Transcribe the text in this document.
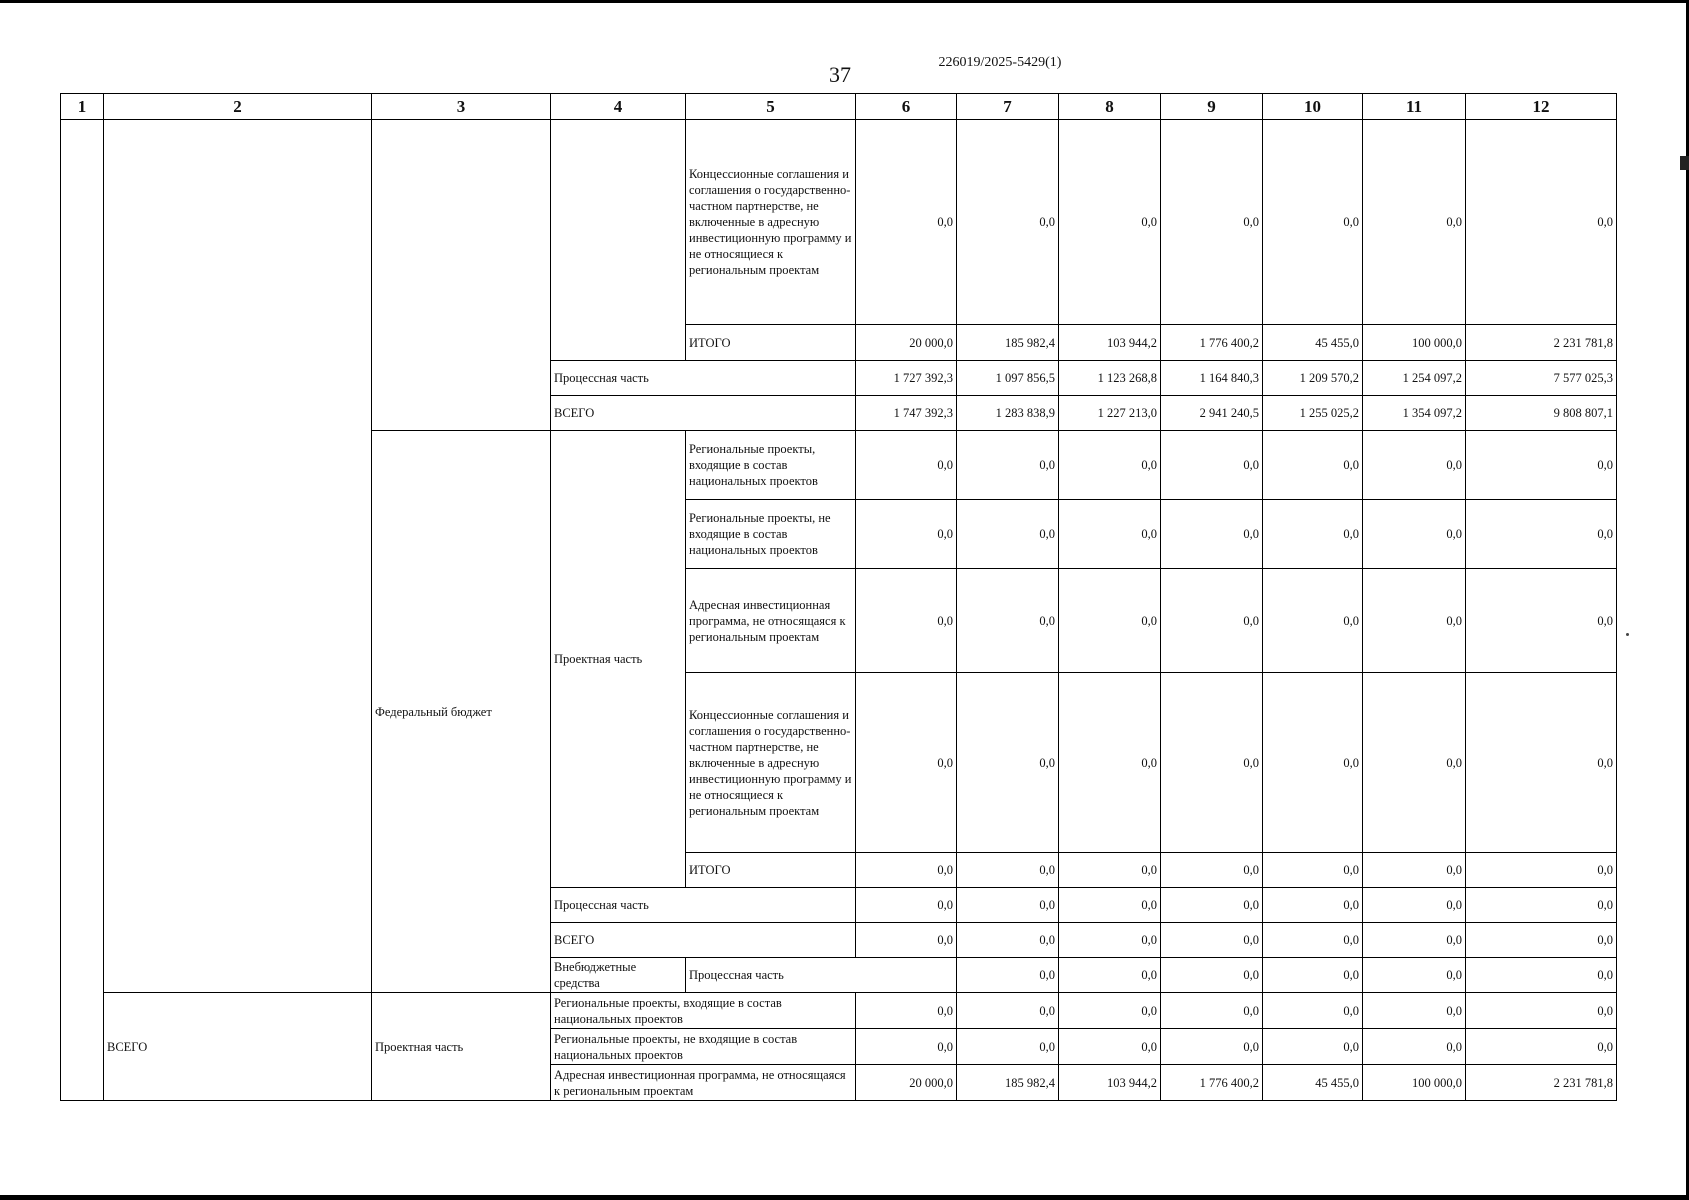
37	226019/2025-5429(1)
1	2	3	4	5	6	7	8	9	10	11	12	
				Концессионные соглашения и соглашения о государственно-частном партнерстве, не включенные в адресную инвестиционную программу и не относящиеся к региональным проектам	0,0	0,0	0,0	0,0	0,0	0,0	0,0	
				ИТОГО	20 000,0	185 982,4	103 944,2	1 776 400,2	45 455,0	100 000,0	2 231 781,8	
			Процессная часть		1 727 392,3	1 097 856,5	1 123 268,8	1 164 840,3	1 209 570,2	1 254 097,2	7 577 025,3	
			ВСЕГО		1 747 392,3	1 283 838,9	1 227 213,0	2 941 240,5	1 255 025,2	1 354 097,2	9 808 807,1	
		Федеральный бюджет	Проектная часть	Региональные проекты, входящие в состав национальных проектов	0,0	0,0	0,0	0,0	0,0	0,0	0,0	
				Региональные проекты, не входящие в состав национальных проектов	0,0	0,0	0,0	0,0	0,0	0,0	0,0	
				Адресная инвестиционная программа, не относящаяся к региональным проектам	0,0	0,0	0,0	0,0	0,0	0,0	0,0	
				Концессионные соглашения и соглашения о государственно-частном партнерстве, не включенные в адресную инвестиционную программу и не относящиеся к региональным проектам	0,0	0,0	0,0	0,0	0,0	0,0	0,0	
				ИТОГО	0,0	0,0	0,0	0,0	0,0	0,0	0,0	
			Процессная часть		0,0	0,0	0,0	0,0	0,0	0,0	0,0	
			ВСЕГО		0,0	0,0	0,0	0,0	0,0	0,0	0,0	
			Внебюджетные средства	Процессная часть		0,0	0,0	0,0	0,0	0,0	0,0	
	ВСЕГО	Проектная часть	Региональные проекты, входящие в состав национальных проектов		0,0	0,0	0,0	0,0	0,0	0,0	0,0	
			Региональные проекты, не входящие в состав национальных проектов		0,0	0,0	0,0	0,0	0,0	0,0	0,0	
			Адресная инвестиционная программа, не относящаяся к региональным проектам		20 000,0	185 982,4	103 944,2	1 776 400,2	45 455,0	100 000,0	2 231 781,8	
